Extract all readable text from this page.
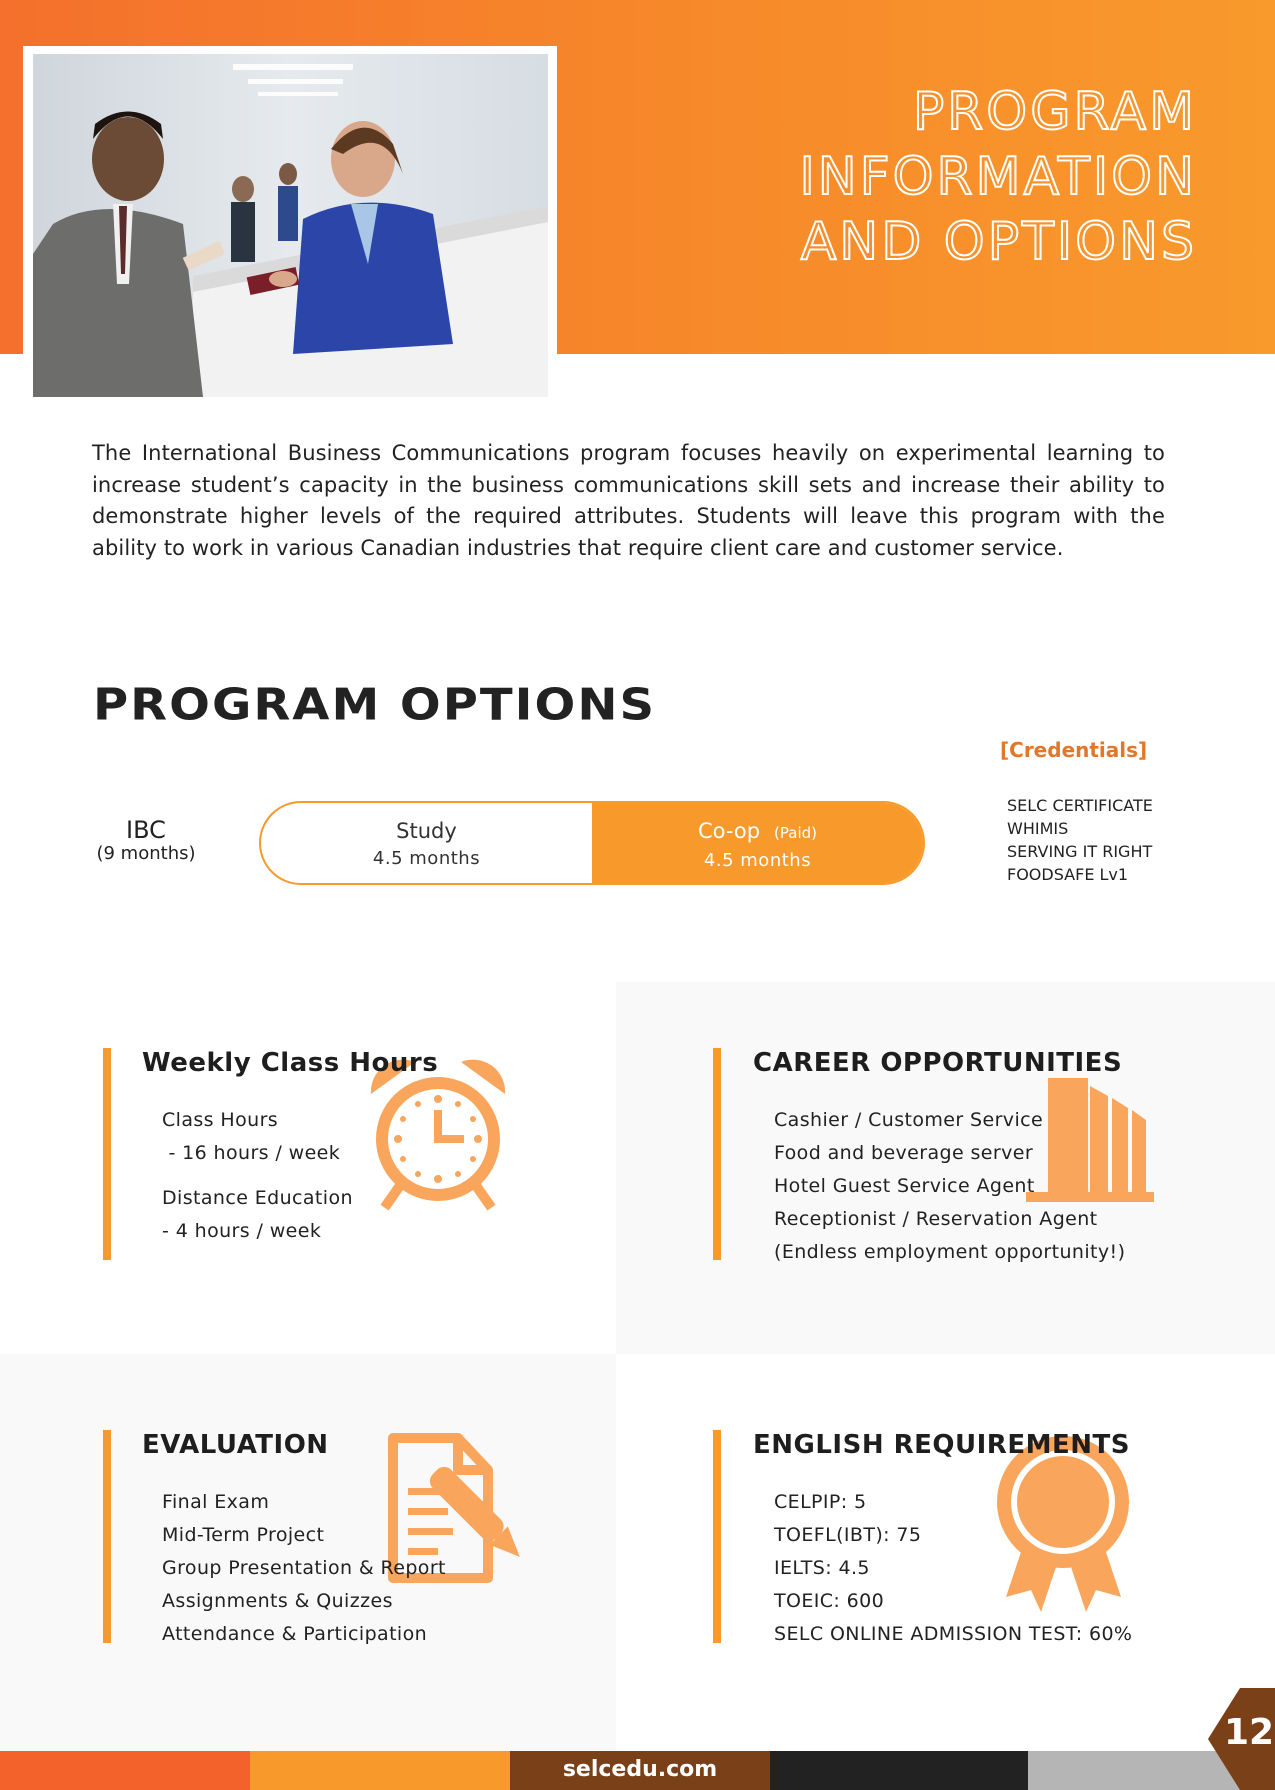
PROGRAM
INFORMATION
AND OPTIONS

The International Business Communications program focuses heavily on experimental learning to increase student’s capacity in the business communications skill sets and increase their ability to demonstrate higher levels of the required attributes. Students will leave this program with the ability to work in various Canadian industries that require client care and customer service.

PROGRAM OPTIONS
[Credentials]
SELC CERTIFICATE
WHIMIS
SERVING IT RIGHT
FOODSAFE Lv1
IBC
(9 months)
Study
4.5 months
Co-op (Paid)
4.5 months
Weekly Class Hours
Class Hours
- 16 hours / week
Distance Education
- 4 hours / week
CAREER OPPORTUNITIES
Cashier / Customer Service
Food and beverage server
Hotel Guest Service Agent
Receptionist / Reservation Agent
(Endless employment opportunity!)
EVALUATION
Final Exam
Mid-Term Project
Group Presentation & Report
Assignments & Quizzes
Attendance & Participation
ENGLISH REQUIREMENTS
CELPIP: 5
TOEFL(IBT): 75
IELTS: 4.5
TOEIC: 600
SELC ONLINE ADMISSION TEST: 60%
selcedu.com
12
